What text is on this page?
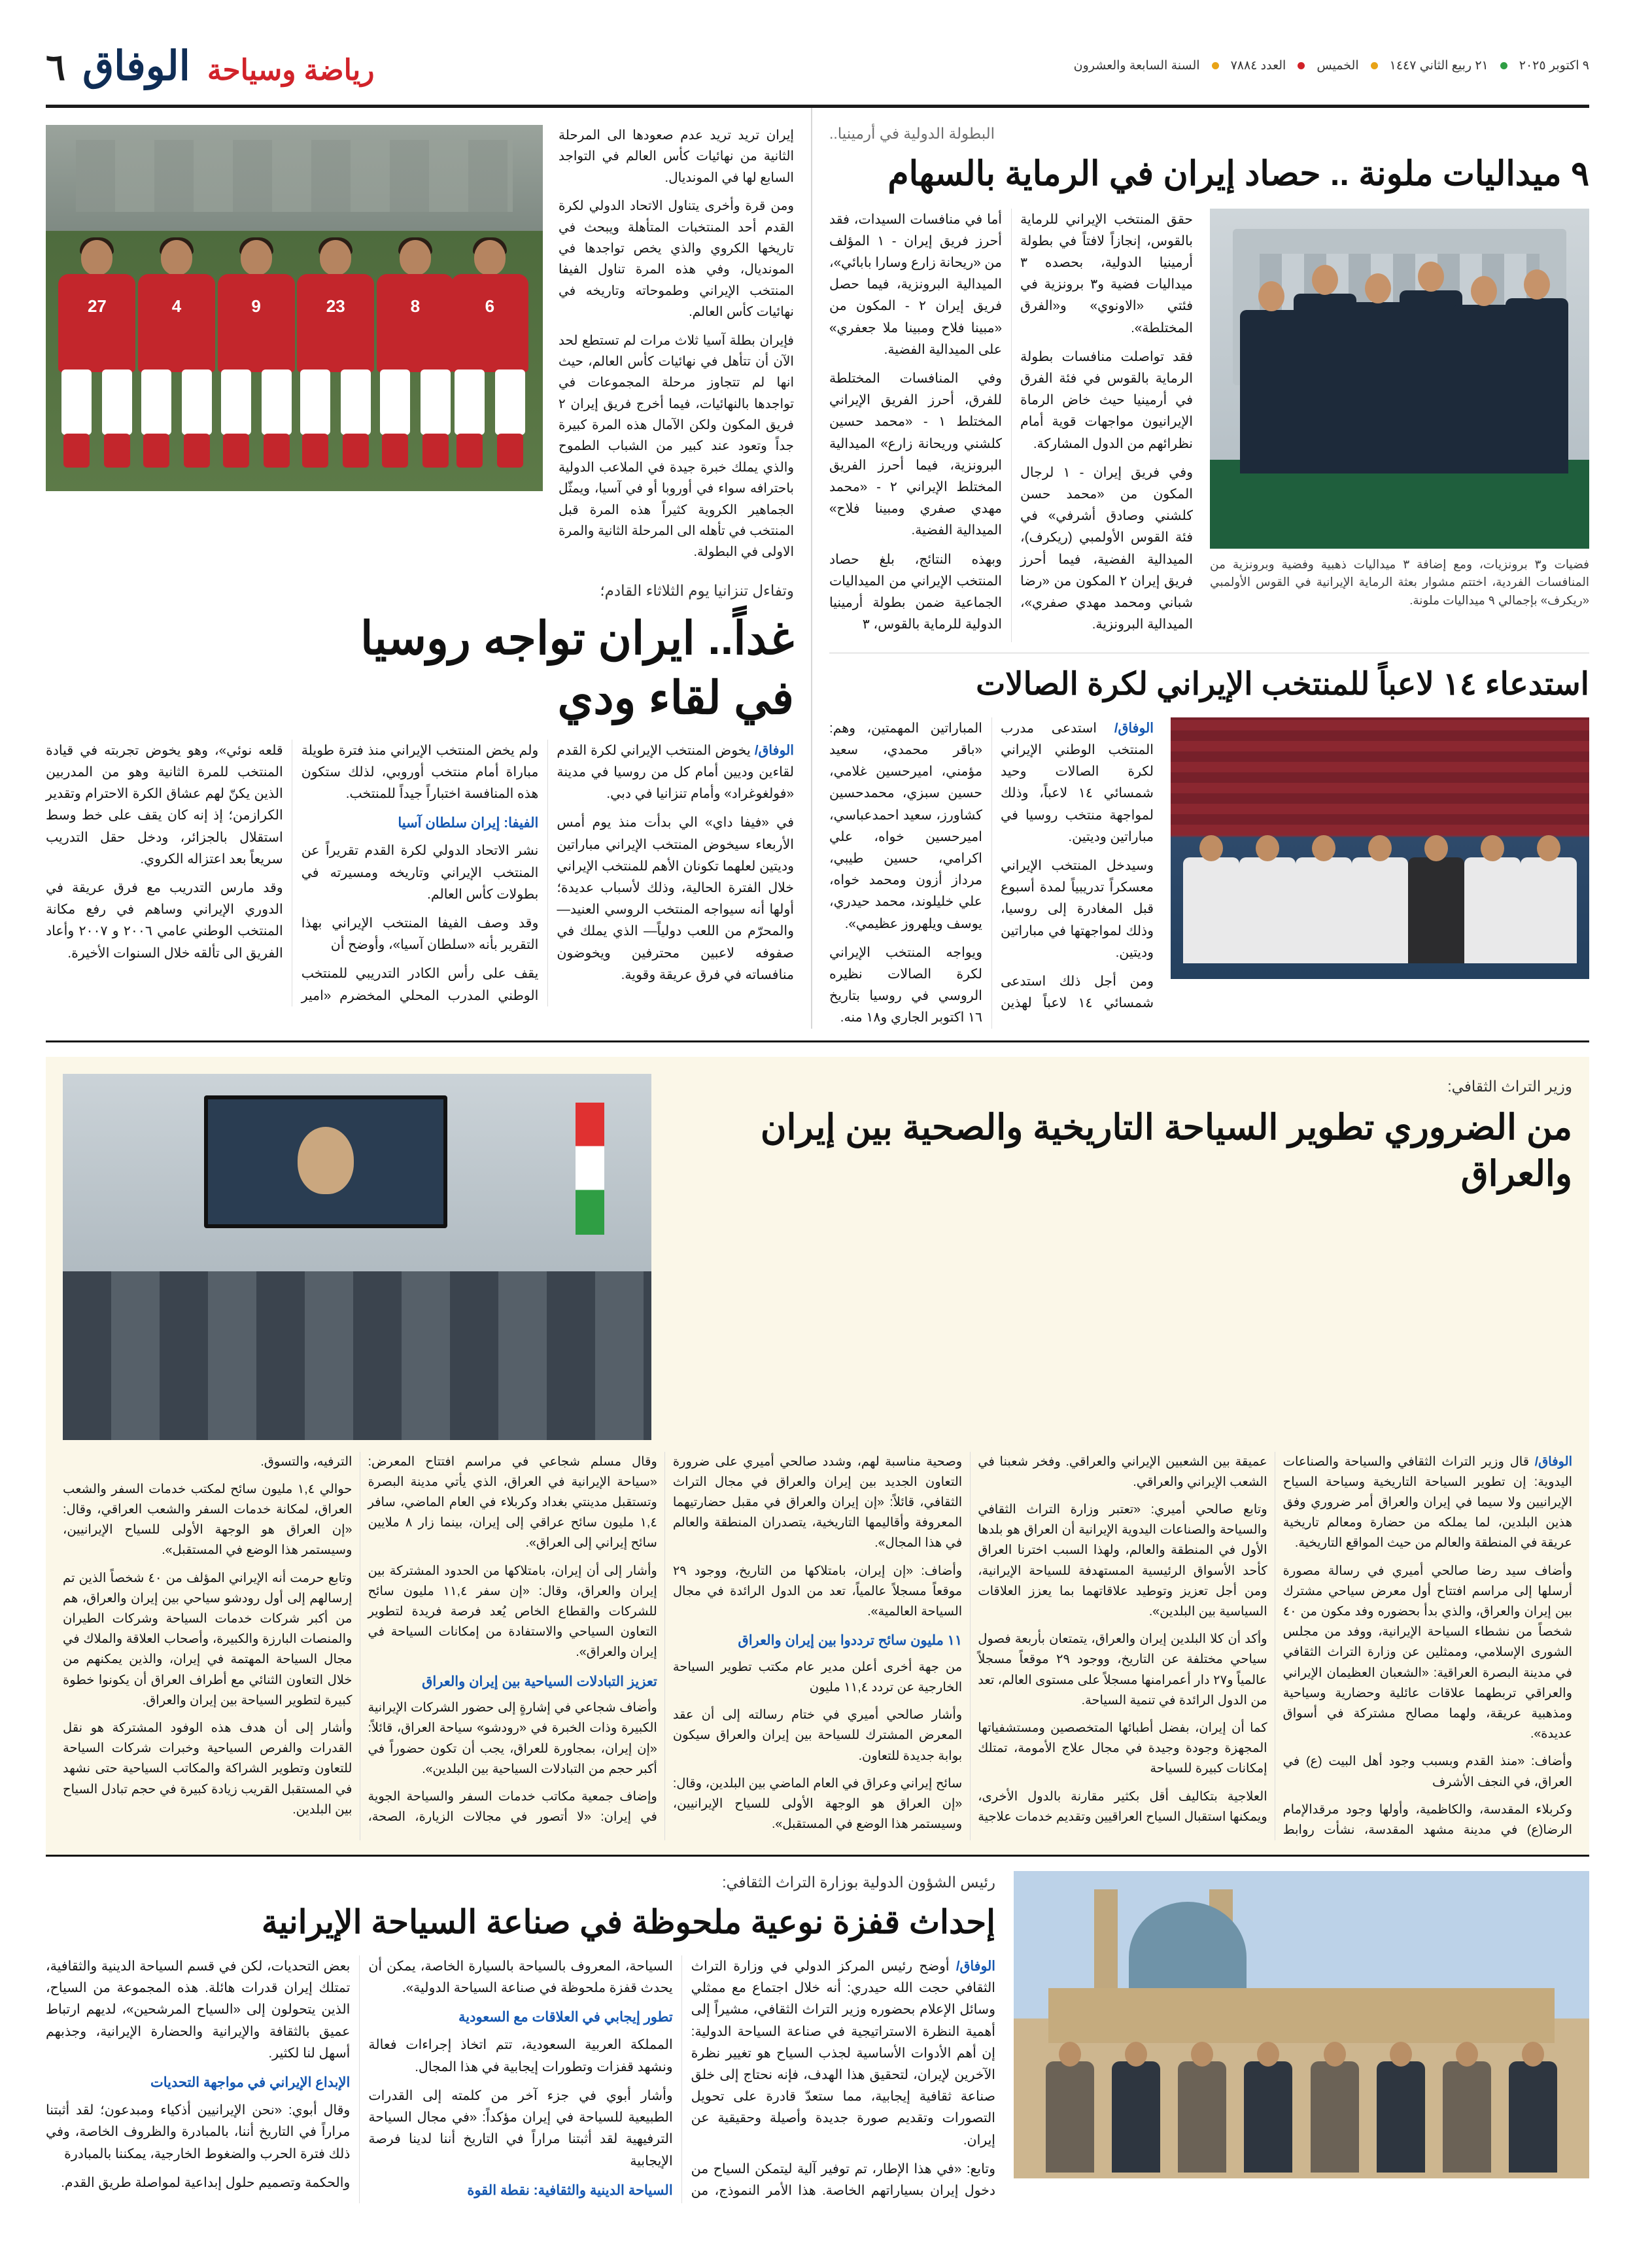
٩ اكتوبر ٢٠٢٥
٢١ ربيع الثاني ١٤٤٧
الخميس
العدد ٧٨٨٤
السنة السابعة والعشرون
رياضة وسياحة
الوفاق
٦
البطولة الدولية في أرمينيا..
٩ ميداليات ملونة .. حصاد إيران في الرماية بالسهام
فضيات و٣ برونزيات، ومع إضافة ٣ ميداليات ذهبية وفضية وبرونزية من المنافسات الفردية، اختتم مشوار بعثة الرماية الإيرانية في القوس الأولمبي «ريكرف» بإجمالي ٩ ميداليات ملونة.

حقق المنتخب الإيراني للرماية بالقوس، إنجازاً لافتاً في بطولة أرمينيا الدولية، بحصده ٣ ميداليات فضية و٣ برونزية في فئتي «الاونوي» و«الفرق المختلطة».

فقد تواصلت منافسات بطولة الرماية بالقوس في فئة الفرق في أرمينيا حيث خاض الرماة الإيرانيون مواجهات قوية أمام نظرائهم من الدول المشاركة.

وفي فريق إيران - ١ لرجال المكون من «محمد حسن كلشني وصادق أشرفي» في فئة القوس الأولمبي (ريكرف)، الميدالية الفضية، فيما أحرز فريق إيران ٢ المكون من «رضا شباني ومحمد مهدي صفري»، الميدالية البرونزية.

أما في منافسات السيدات، فقد أحرز فريق إيران - ١ المؤلف من «ريحانة زارع وسارا بابائي»، الميدالية البرونزية، فيما حصل فريق إيران ٢ - المكون من «مبينا فلاح ومبينا ملا جعفري» على الميدالية الفضية.

وفي المنافسات المختلطة للفرق، أحرز الفريق الإيراني المختلط ١ - «محمد حسين كلشني وريحانة زارع» الميدالية البرونزية، فيما أحرز الفريق المختلط الإيراني ٢ - «محمد مهدي صفري ومبينا فلاح» الميدالية الفضية.

وبهذه النتائج، بلغ حصاد المنتخب الإيراني من الميداليات الجماعية ضمن بطولة أرمينيا الدولية للرماية بالقوس، ٣

استدعاء ١٤ لاعباً للمنتخب الإيراني لكرة الصالات

الوفاق/ استدعى مدرب المنتخب الوطني الإيراني لكرة الصالات وحيد شمسائي ١٤ لاعباً، وذلك لمواجهة منتخب روسيا في مباراتين وديتين.

وسيدخل المنتخب الإيراني معسكراً تدريبياً لمدة أسبوع قبل المغادرة إلى روسيا، وذلك لمواجهتها في مباراتين وديتين.

ومن أجل ذلك استدعى شمسائي ١٤ لاعباً لهذين المباراتين المهمتين، وهم: «باقر محمدي، سعيد مؤمني، اميرحسين غلامي، حسين سبزي، محمدحسين كشاورز، سعيد احمدعباسي، اميرحسين خواه، علي اكرامي، حسين طيبي، مرداز أزون ومحمد خواه، علي خليلوند، محمد حيدري، يوسف ويلهروز عظيمي».

ويواجه المنتخب الإيراني لكرة الصالات نظيره الروسي في روسيا بتاريخ ١٦ اكتوبر الجاري و١٨ منه.

إيران تريد تريد عدم صعودها الى المرحلة الثانية من نهائيات كأس العالم في التواجد السابع لها في المونديال.

ومن قرة وأخرى يتناول الاتحاد الدولي لكرة القدم أحد المنتخبات المتأهلة ويبحث في تاريخها الكروي والذي يخص تواجدها في المونديال، وفي هذه المرة تناول الفيفا المنتخب الإيراني وطموحاته وتاريخه في نهائيات كأس العالم.

فإيران بطلة آسيا ثلاث مرات لم تستطع لحد الآن أن تتأهل في نهائيات كأس العالم، حيث انها لم تتجاوز مرحلة المجموعات في تواجدها بالنهائيات، فيما أخرج فريق إيران ٢ فريق المكون ولكن الآمال هذه المرة كبيرة جداً وتعود عند كبير من الشباب الطموح والذي يملك خبرة جيدة في الملاعب الدولية باحترافه سواء في أوروبا أو في آسيا، ويمثّل الجماهير الكروية كثيراً هذه المرة قبل المنتخب في تأهله الى المرحلة الثانية والمرة الاولى في البطولة.

6
8
23
9
4
27
وتفاءل تنزانيا يوم الثلاثاء القادم؛
غداً.. ايران تواجه روسيا
في لقاء ودي

الوفاق/ يخوض المنتخب الإيراني لكرة القدم لقاءين وديين أمام كل من روسيا في مدينة «فولغوغراد» وأمام تنزانيا في دبي.

في «فيفا داي» الي بدأت منذ يوم أمس الأربعاء سيخوض المنتخب الإيراني مباراتين وديتين لعلهما تكونان الأهم للمنتخب الإيراني خلال الفترة الحالية، وذلك لأسباب عديدة؛ أولها أنه سيواجه المنتخب الروسي العنيد—والمحرّم من اللعب دولياً— الذي يملك في صفوفه لاعبين محترفين ويخوضون منافساته في فرق عريقة وقوية.

ولم يخض المنتخب الإيراني منذ فترة طويلة مباراة أمام منتخب أوروبي، لذلك ستكون هذه المنافسة اختباراً جيداً للمنتخب.

الفيفا: إيران سلطان آسيا

نشر الاتحاد الدولي لكرة القدم تقريراً عن المنتخب الإيراني وتاريخه ومسيرته في بطولات كأس العالم.

وقد وصف الفيفا المنتخب الإيراني بهذا التقرير بأنه «سلطان آسيا»، وأوضح أن

يقف على رأس الكادر التدريبي للمنتخب الوطني المدرب المحلي المخضرم «امير قلعه نوئي»، وهو يخوض تجربته في قيادة المنتخب للمرة الثانية وهو من المدربين الذين يكنّ لهم عشاق الكرة الاحترام وتقدير الكرازمن؛ إذ إنه كان يقف على خط وسط استقلال بالجزائر، ودخل حقل التدريب سريعاً بعد اعتزاله الكروي.

وقد مارس التدريب مع فرق عريقة في الدوري الإيراني وساهم في رفع مكانة المنتخب الوطني عامي ٢٠٠٦ و ٢٠٠٧ وأعاد الفريق الى تألقه خلال السنوات الأخيرة.

وزير التراث الثقافي:
من الضروري تطوير السياحة التاريخية والصحية بين إيران والعراق

الوفاق/ قال وزير التراث الثقافي والسياحة والصناعات اليدوية: إن تطوير السياحة التاريخية وسياحة السياح الإيرانيين ولا سيما في إيران والعراق أمر ضروري وفق هذين البلدين، لما يملكه من حضارة ومعالم تاريخية عريقة في المنطقة والعالم من حيث المواقع التاريخية.

وأضاف سيد رضا صالحي أميري في رسالة مصورة أرسلها إلى مراسم افتتاح أول معرض سياحي مشترك بين إيران والعراق، والذي بدأ بحضوره وفد مكون من ٤٠ شخصاً من نشطاء السياحة الإيرانية، ووفد من مجلس الشورى الإسلامي، وممثلين عن وزارة التراث الثقافي في مدينة البصرة العراقية: «الشعبان العظيمان الإيراني والعراقي تربطهما علاقات عائلية وحضارية وسياحية ومذهبية عريقة، ولهما مصالح مشتركة في أسواق عديدة».

وأضاف: «منذ القدم وبسبب وجود أهل البيت (ع) في العراق، في النجف الأشرف

وكربلاء المقدسة، والكاظمية، وأولها وجود مرقدالإمام الرضا(ع) في مدينة مشهد المقدسة، نشأت روابط عميقة بين الشعبين الإيراني والعراقي. وفخر شعبنا في الشعب الإيراني والعراقي.

وتابع صالحي أميري: «تعتبر وزارة التراث الثقافي والسياحة والصناعات اليدوية الإيرانية أن العراق هو بلدها الأول في المنطقة والعالم، ولهذا السبب اخترنا العراق كأحد الأسواق الرئيسية المستهدفة للسياحة الإيرانية، ومن أجل تعزيز وتوطيد علاقاتهما بما يعزز العلاقات السياسية بين البلدين».

وأكد أن كلا البلدين إيران والعراق، يتمتعان بأربعة فصول سياحي مختلفة عن التاريخ، ووجود ٢٩ موقعاً مسجلاً عالمياً و٢٧ دار أعمرامنها مسجلاً على مستوى العالم، تعد من الدول الرائدة في تنمية السياحة.

كما أن إيران، بفضل أطبائها المتخصصين ومستشفياتها المجهزة وجودة وجيدة في مجال علاج الأمومة، تمتلك إمكانات كبيرة للسياحة

العلاجية بتكاليف أقل بكثير مقارنة بالدول الأخرى، ويمكنها استقبال السياح العراقيين وتقديم خدمات علاجية وصحية مناسبة لهم، وشدد صالحي أميري على ضرورة التعاون الجديد بين إيران والعراق في مجال التراث الثقافي، قائلاً: «إن إيران والعراق في مقبل حضارتيهما المعروفة وأقاليمها التاريخية، يتصدران المنطقة والعالم في هذا المجال».

وأضاف: «إن إيران، بامتلاكها من التاريخ، ووجود ٢٩ موقعاً مسجلاً عالمياً، تعد من الدول الرائدة في مجال السياحة العالمية».

١١ مليون سائح ترددوا بين إيران والعراق

من جهة أخرى أعلن مدير عام مكتب تطوير السياحة الخارجية عن تردد ١١,٤ مليون

وأشار صالحي أميري في ختام رسالته إلى أن عقد المعرض المشترك للسياحة بين إيران والعراق سيكون بوابة جديدة للتعاون.

سائح إيراني وعراق في العام الماضي بين البلدين، وقال: «إن العراق هو الوجهة الأولى للسياح الإيرانيين، وسيستمر هذا الوضع في المستقبل».

وقال مسلم شجاعي في مراسم افتتاح المعرض: «سياحة الإيرانية في العراق، الذي يأتي مدينة البصرة وتستقبل مدينتي بغداد وكربلاء في العام الماضي، سافر ١,٤ مليون سائح عراقي إلى إيران، بينما زار ٨ ملايين سائح إيراني إلى العراق».

وأشار إلى أن إيران، بامتلاكها من الحدود المشتركة بين إيران والعراق، وقال: «إن سفر ١١,٤ مليون سائح للشركات والقطاع الخاص يُعد فرصة فريدة لتطوير التعاون السياحي والاستفادة من إمكانات السياحة في إيران والعراق».

تعزيز التبادلات السياحية بين إيران والعراق

وأضاف شجاعي في إشارةٍ إلى حضور الشركات الإيرانية الكبيرة وذات الخبرة في «رودشو» سياحة العراق، قائلاً: «إن إيران، بمجاورة للعراق، يجب أن تكون حضوراً في أكبر حجم من التبادلات السياحية بين البلدين».

وإضاف جمعية مكاتب خدمات السفر والسياحة الجوية في إيران: «لا أتصور في مجالات الزيارة، الصحة، الترفيه، والتسوق.

حوالي ١,٤ مليون سائح لمكتب خدمات السفر والشعب العراق، لمكانة خدمات السفر والشعب العراقي، وقال: «إن العراق هو الوجهة الأولى للسياح الإيرانيين، وسيستمر هذا الوضع في المستقبل».

وتابع حرمت أنه الإيراني المؤلف من ٤٠ شخصاً الذين تم إرسالهم إلى أول رودشو سياحي بين إيران والعراق، هم من أكبر شركات خدمات السياحة وشركات الطيران والمنصات البارزة والكبيرة، وأصحاب العلاقة والملاك في مجال السياحة المهتمة في إيران، والذين يمكنهم من خلال التعاون الثنائي مع أطراف العراق أن يكونوا خطوة كبيرة لتطوير السياحة بين إيران والعراق.

وأشار إلى أن هدف هذه الوفود المشتركة هو نقل القدرات والفرص السياحية وخبرات شركات السياحة للتعاون وتطوير الشراكة والمكاتب السياحية حتى نشهد في المستقبل القريب زيادة كبيرة في حجم تبادل السياح بين البلدين.

رئيس الشؤون الدولية بوزارة التراث الثقافي:
إحداث قفزة نوعية ملحوظة في صناعة السياحة الإيرانية

الوفاق/ أوضح رئيس المركز الدولي في وزارة التراث الثقافي حجت الله حيدري: أنه خلال اجتماع مع ممثلي وسائل الإعلام بحضوره وزير التراث الثقافي، مشيراً إلى أهمية النظرة الاستراتيجية في صناعة السياحة الدولية: إن أهم الأدوات الأساسية لجذب السياح هو تغيير نظرة الآخرين لإيران، لتحقيق هذا الهدف، فإنه نحتاج إلى خلق صناعة ثقافية إيجابية، مما ستعدّ قادرة على تحويل التصورات وتقديم صورة جديدة وأصيلة وحقيقية عن إيران.

وتابع: «في هذا الإطار، تم توفير آلية ليتمكن السياح من دخول إيران بسياراتهم الخاصة. هذا الأمر النموذج، من السياحة، المعروف بالسياحة بالسيارة الخاصة، يمكن أن يحدث قفزة ملحوظة في صناعة السياحة الدولية».

تطور إيجابي في العلاقات مع السعودية

المملكة العربية السعودية، تتم اتخاذ إجراءات فعالة ونشهد قفزات وتطورات إيجابية في هذا المجال.

وأشار أبوي في جزء آخر من كلمته إلى القدرات الطبيعية للسياحة في إيران مؤكداً: «في مجال السياحة الترفيهية لقد أثبتنا مراراً في التاريخ أننا لدينا فرصة الإيجابية

السياحة الدينية والثقافية: نقطة القوة

بعض التحديات، لكن في قسم السياحة الدينية والثقافية، تمتلك إيران قدرات هائلة. هذه المجموعة من السياح، الذين يتحولون إلى «السياح المرشحين»، لديهم ارتباط عميق بالثقافة والإيرانية والحضارة الإيرانية، وجذبهم أسهل لنا لكثير.

الإبداع الإيراني في مواجهة التحديات

وقال أبوي: «نحن الإيرانيين أذكياء ومبدعون؛ لقد أثبتنا مراراً في التاريخ أننا، بالمبادرة والظروف الخاصة، وفي ذلك فترة الحرب والضغوط الخارجية، يمكننا بالمبادرة

والحكمة وتصميم حلول إبداعية لمواصلة طريق القدم.
